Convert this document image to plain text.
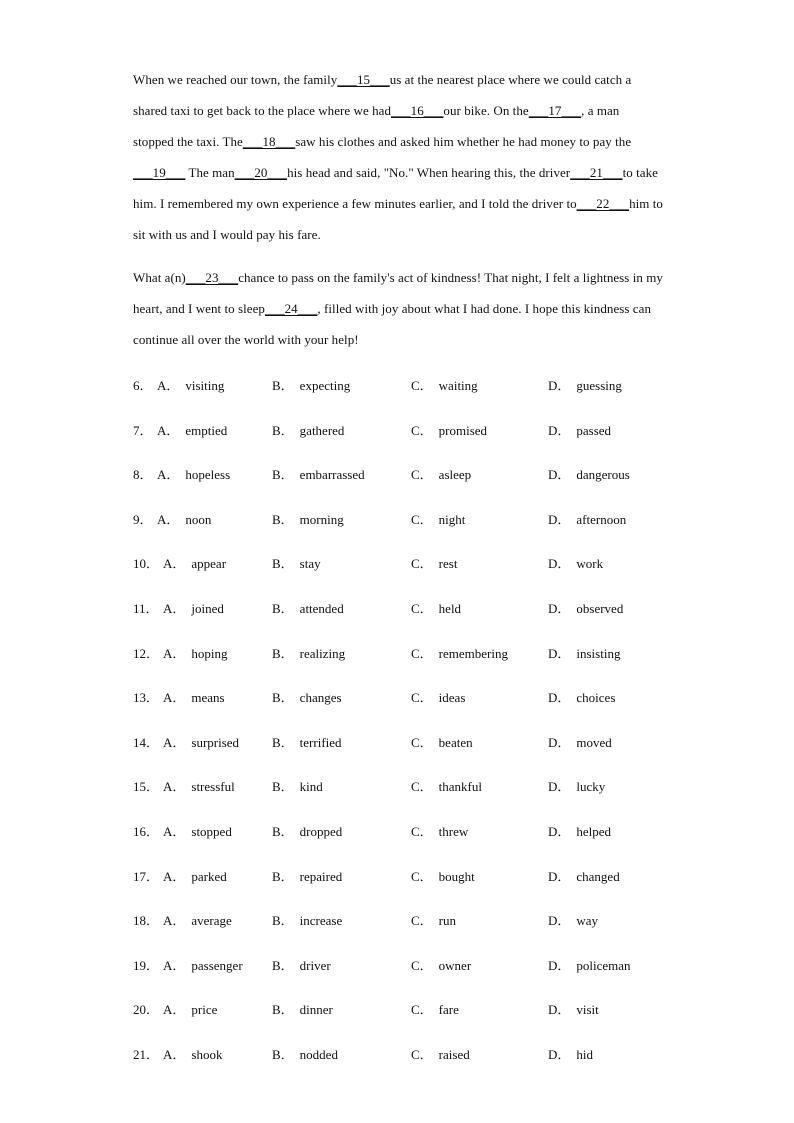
When we reached our town, the family___15___us at the nearest place where we could catch a shared taxi to get back to the place where we had___16___our bike. On the___17___, a man stopped the taxi. The___18___saw his clothes and asked him whether he had money to pay the___19___ The man___20___his head and said, "No." When hearing this, the driver___21___to take him. I remembered my own experience a few minutes earlier, and I told the driver to___22___him to sit with us and I would pay his fare.

What a(n)___23___chance to pass on the family's act of kindness! That night, I felt a lightness in my heart, and I went to sleep___24___, filled with joy about what I had done. I hope this kindness can continue all over the world with your help!

6． A． visiting	B． expecting	C． waiting	D． guessing
7． A． emptied	B． gathered	C． promised	D． passed
8． A． hopeless	B． embarrassed	C． asleep	D． dangerous
9． A． noon	B． morning	C． night	D． afternoon
10． A． appear	B． stay	C． rest	D． work
11． A． joined	B． attended	C． held	D． observed
12． A． hoping	B． realizing	C． remembering	D． insisting
13． A． means	B． changes	C． ideas	D． choices
14． A． surprised	B． terrified	C． beaten	D． moved
15． A． stressful	B． kind	C． thankful	D． lucky
16． A． stopped	B． dropped	C． threw	D． helped
17． A． parked	B． repaired	C． bought	D． changed
18． A． average	B． increase	C． run	D． way
19． A． passenger B． driver	C． owner	D． policeman
20． A． price	B． dinner	C． fare	D． visit
21． A． shook	B． nodded	C． raised	D． hid
